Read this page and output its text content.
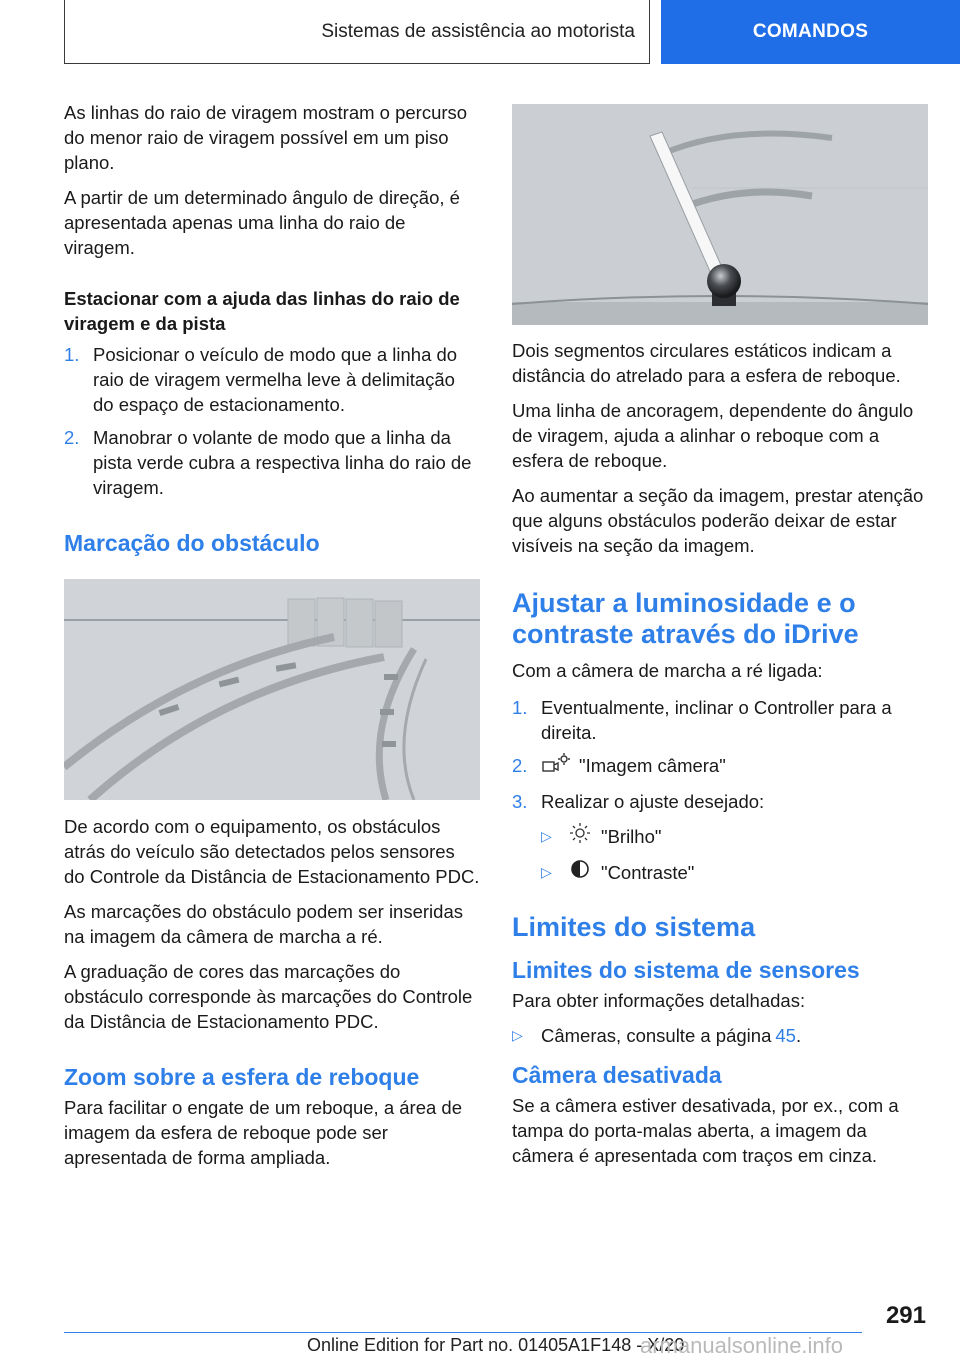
Sistemas de assistência ao motorista	COMANDOS

As linhas do raio de viragem mostram o percurso do menor raio de viragem possível em um piso plano.

A partir de um determinado ângulo de direção, é apresentada apenas uma linha do raio de viragem.

Estacionar com a ajuda das linhas do raio de viragem e da pista
1. Posicionar o veículo de modo que a linha do raio de viragem vermelha leve à delimitação do espaço de estacionamento.
2. Manobrar o volante de modo que a linha da pista verde cubra a respectiva linha do raio de viragem.
Marcação do obstáculo

De acordo com o equipamento, os obstáculos atrás do veículo são detectados pelos sensores do Controle da Distância de Estacionamento PDC.

As marcações do obstáculo podem ser inseridas na imagem da câmera de marcha a ré.

A graduação de cores das marcações do obstáculo corresponde às marcações do Controle da Distância de Estacionamento PDC.

Zoom sobre a esfera de reboque

Para facilitar o engate de um reboque, a área de imagem da esfera de reboque pode ser apresentada de forma ampliada.

Dois segmentos circulares estáticos indicam a distância do atrelado para a esfera de reboque.

Uma linha de ancoragem, dependente do ângulo de viragem, ajuda a alinhar o reboque com a esfera de reboque.

Ao aumentar a seção da imagem, prestar atenção que alguns obstáculos poderão deixar de estar visíveis na seção da imagem.

Ajustar a luminosidade e o contraste através do iDrive

Com a câmera de marcha a ré ligada:

1. Eventualmente, inclinar o Controller para a direita.
2.	"Imagem câmera"
3. Realizar o ajuste desejado:
▷	"Brilho"
▷	"Contraste"
Limites do sistema
Limites do sistema de sensores

Para obter informações detalhadas:

▷ Câmeras, consulte a página 45 .
Câmera desativada

Se a câmera estiver desativada, por ex., com a tampa do porta-malas aberta, a imagem da câmera é apresentada com traços em cinza.

291
Online Edition for Part no. 01405A1F148 - X/20
armanualsonline.info
